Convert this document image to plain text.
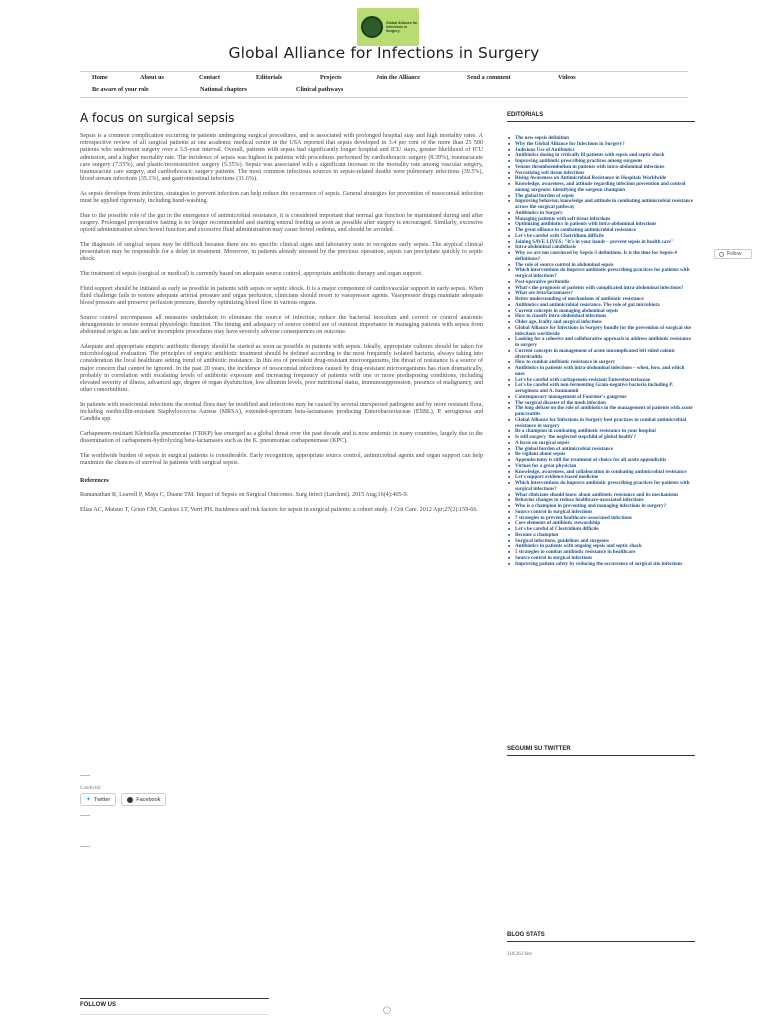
Global Alliance for Infections in Surgery
Global Alliance for Infections in Surgery
Home	About us	Contact	Editorials	Projects	Join the Alliance	Send a comment	Videos
Be aware of your role	National chapters	Clinical pathways
A focus on surgical sepsis

Sepsis is a common complication occurring in patients undergoing surgical procedures, and is associated with prolonged hospital stay and high mortality rates. A retrospective review of all surgical patients at one academic medical centre in the USA reported that sepsis developed in 3.4 per cent of the more than 25 500 patients who underwent surgery over a 3.5-year interval. Overall, patients with sepsis had significantly longer hospital and ICU stays, greater likelihood of ICU admission, and a higher mortality rate. The incidence of sepsis was highest in patients with procedures performed by cardiothoracic surgery (8.39%), trauma/acute care surgery (7.55%), and plastic/reconstructive surgery (5.35%). Sepsis was associated with a significant increase in the mortality rate among vascular surgery, trauma/acute care surgery, and cardiothoracic surgery patients. The most common infectious sources in sepsis-related deaths were pulmonary infections (39.5%), blood stream infections (35.1%), and gastrointestinal infections (31.6%).

As sepsis develops from infection, strategies to prevent infection can help reduce the occurrence of sepsis. General strategies for prevention of nosocomial infection must be applied rigorously, including hand-washing.

Due to the possible role of the gut in the emergence of antimicrobial resistance, it is considered important that normal gut function be maintained during and after surgery. Prolonged preoperative fasting is no longer recommended and starting enteral feeding as soon as possible after surgery is encouraged. Similarly, excessive opioid administration slows bowel function and excessive fluid administration may cause bowel oedema, and should be avoided.

The diagnosis of surgical sepsis may be difficult because there are no specific clinical signs and laboratory tests to recognize early sepsis. The atypical clinical presentation may be responsible for a delay in treatment. Moreover, in patients already stressed by the previous operation, sepsis can precipitate quickly to septic shock.

The treatment of sepsis (surgical or medical) is currently based on adequate source control, appropriate antibiotic therapy and organ support.

Fluid support should be initiated as early as possible in patients with sepsis or septic shock. It is a major component of cardiovascular support in early sepsis. When fluid challenge fails to restore adequate arterial pressure and organ perfusion, clinicians should resort to vasopressor agents. Vasopressor drugs maintain adequate blood pressure and preserve perfusion pressure, thereby optimizing blood flow in various organs.

Source control encompasses all measures undertaken to eliminate the source of infection, reduce the bacterial inoculum and correct or control anatomic derangements to restore normal physiologic function. The timing and adequacy of source control are of outmost importance in managing patients with sepsis from abdominal origin as late and/or incomplete procedures may have severely adverse consequences on outcome.

Adequate and appropriate empiric antibiotic therapy should be started as soon as possible in patients with sepsis. Ideally, appropriate cultures should be taken for microbiological evaluation. The principles of empiric antibiotic treatment should be defined according to the most frequently isolated bacteria, always taking into consideration the local healthcare setting trend of antibiotic resistance. In this era of prevalent drug-resistant microorganisms, the threat of resistance is a source of major concern that cannot be ignored. In the past 20 years, the incidence of nosocomial infections caused by drug-resistant microorganisms has risen dramatically, probably in correlation with escalating levels of antibiotic exposure and increasing frequency of patients with one or more predisposing conditions, including elevated severity of illness, advanced age, degree of organ dysfunction, low albumin levels, poor nutritional status, immunosuppression, presence of malignancy, and other comorbidities.

In patients with nosocomial infections the normal flora may be modified and infections may be caused by several unexpected pathogens and by more resistant flora, including methicillin-resistant Staphylococcus Aureus (MRSA), extended-spectrum beta-lactamases producing Enterobacteriaceae (ESBL), P. aeruginosa and Candida spp.

Carbapenem-resistant Klebsiella pneumoniae (CRKP) has emerged as a global threat over the past decade and is now endemic in many countries, largely due to the dissemination of carbapenem-hydrolyzing beta-lactamases such as the K. pneumoniae carbapenemase (KPC).

The worldwide burden of sepsis in surgical patients is considerable. Early recognition, appropriate source control, antimicrobial agents and organ support can help maximize the chances of survival in patients with surgical sepsis.

References

Ramanathan R, Leavell P, Mays C, Duane TM. Impact of Sepsis on Surgical Outcomes. Surg Infect (Larchmt). 2015 Aug;16(4):405-9.

Elias AC, Matsuo T, Grion CM, Cardoso LT, Verri PH. Incidence and risk factors for sepsis in surgical patients: a cohort study. J Crit Care. 2012 Apr;27(2):159-66.

Condividi:
✦ Twitter	Facebook
FOLLOW US
EDITORIALS
■ The new sepsis definition
■ Why the Global Alliance for Infections in Surgery?
■ Judicious Use of Antibiotics
■ Antibiotics dosing in critically ill patients with sepsis and septic shock
■ Improving antibiotic prescribing practices among surgeons
■ Venous thromboembolism in patients with intra-abdominal infections
■ Necrotizing soft tissue infections
■ Rising Awareness on Antimicrobial Resistance in Hospitals Worldwide
■ Knowledge, awareness, and attitude regarding infection prevention and control among surgeons: identifying the surgeon champion
■ The global burden of sepsis
■ Improving behavior, knowledge and attitude in combating antimicrobial resistance across the surgical pathway
■ Antibiotics in Surgery
■ Managing patients with soft tissue infections
■ Optimizing antibiotics in patients with intra-abdominal infections
■ The great alliance in combating antimicrobial resistance
■ Let's be careful with Clostridium difficile
■ Joining SAVE LIVES: "It's in your hands – prevent sepsis in health care"
■ Intra-abdominal candidiasis
■ Why we are not convinced by Sepsis-3 definitions. Is it the time for Sepsis-4 definitions?
■ The role of source control in abdominal sepsis
■ Which interventions do improve antibiotic prescribing practices for patients with surgical infections?
■ Post-operative peritonitis
■ What's the prognosis of patients with complicated intra-abdominal infections?
■ What are beta/lactamases?
■ Better understanding of mechanisms of antibiotic resistance
■ Antibiotics and antimicrobial resistance. The role of gut microbiota
■ Current concepts in managing abdominal sepsis
■ How to classify intra-abdominal infections
■ Older age, frailty and surgical infections
■ Global Alliance for Infections in Surgery bundle for the prevention of surgical site infections worldwide
■ Looking for a cohesive and collaborative approach to address antibiotic resistance in surgery
■ Current concepts in management of acute uncomplicated left sided colonic diverticulitis
■ How to combat antibiotic resistance in surgery
■ Antibiotics in patients with intra-abdominal infections – when, how, and which ones
■ Let's be careful with carbapenem-resistant Enterobacteriaceae
■ Let's be careful with non-fermenting Gram-negative bacteria including P. aeruginosa and A. baumannii
■ Contemporary management of Fournier's gangrene
■ The surgical disaster of the mesh infection
■ The long debate on the role of antibiotics in the management of patients with acute pancreatitis
■ Global Alliance for Infections in Surgery best practices to combat antimicrobial resistance in surgery
■ Be a champion in combating antibiotic resistance in your hospital
■ Is still surgery 'the neglected stepchild of global health'?
■ A focus on surgical sepsis
■ The global burden of antimicrobial resistance
■ Be vigilant about sepsis
■ Appendectomy is still the treatment of choice for all acute appendicitis
■ Virtues for a great physician
■ Knowledge, awareness, and collaboration in combating antimicrobial resistance
■ Let's support evidence-based medicine
■ Which interventions do improve antibiotic prescribing practices for patients with surgical infections?
■ What clinicians should know about antibiotic resistance and its mechanisms
■ Behavior changes to reduce healthcare-associated infections
■ Who is a champion in preventing and managing infections in surgery?
■ Source control in surgical infections
■ 7 strategies to prevent healthcare-associated infections
■ Core elements of antibiotic stewardship
■ Let's be careful of Clostridium difficile
■ Become a champion
■ Surgical infections, guidelines and surgeons
■ Antibiotics in patients with ongoing sepsis and septic shock
■ 5 strategies to combat antibiotic resistance in healthcare
■ Source control in surgical infections
■ Improving patient safety by reducing the occurrence of surgical site infections
Follow
SEGUIMI SU TWITTER
BLOG STATS
318,263 hits
◯
